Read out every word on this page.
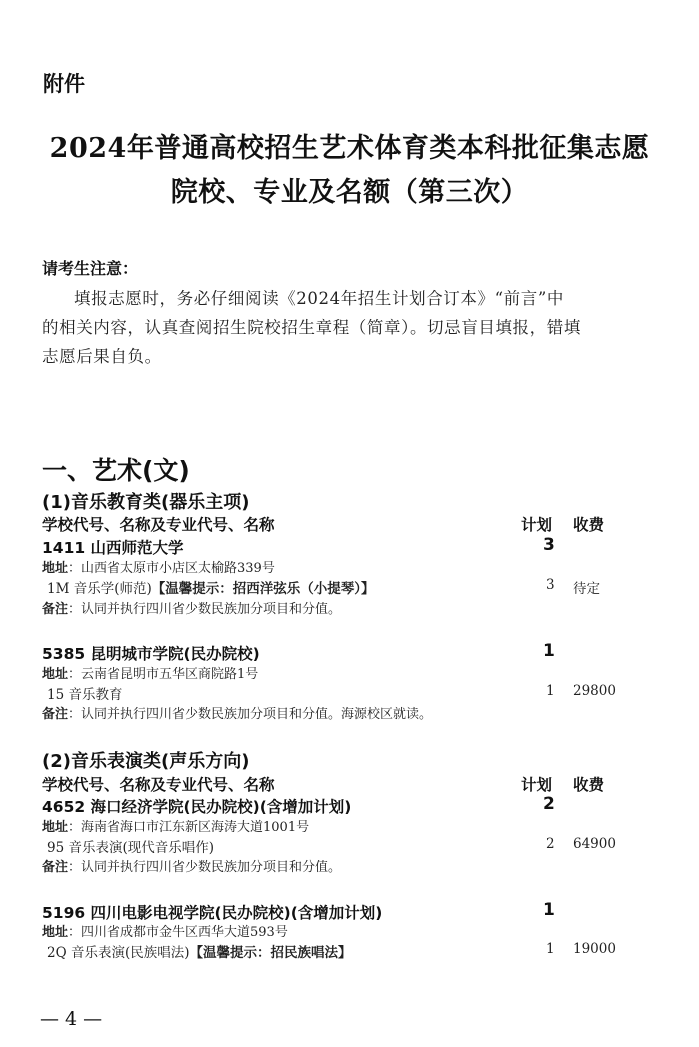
附件
2024年普通高校招生艺术体育类本科批征集志愿
院校、专业及名额（第三次）
请考生注意：
填报志愿时，务必仔细阅读《2024年招生计划合订本》“前言”中
的相关内容，认真查阅招生院校招生章程（简章）。切忌盲目填报，错填
志愿后果自负。
一、艺术(文)
(1)音乐教育类(器乐主项)
学校代号、名称及专业代号、名称	计划 收费
1411 山西师范大学	3
地址：山西省太原市小店区太榆路339号
1M 音乐学(师范)【温馨提示：招西洋弦乐（小提琴）】	3 待定
备注：认同并执行四川省少数民族加分项目和分值。
5385 昆明城市学院(民办院校)	1
地址：云南省昆明市五华区商院路1号
15 音乐教育	1 29800
备注：认同并执行四川省少数民族加分项目和分值。海源校区就读。
(2)音乐表演类(声乐方向)
学校代号、名称及专业代号、名称	计划 收费
4652 海口经济学院(民办院校)(含增加计划)	2
地址：海南省海口市江东新区海涛大道1001号
95 音乐表演(现代音乐唱作)	2 64900
备注：认同并执行四川省少数民族加分项目和分值。
5196 四川电影电视学院(民办院校)(含增加计划)	1
地址：四川省成都市金牛区西华大道593号
2Q 音乐表演(民族唱法)【温馨提示：招民族唱法】	1 19000
— 4 —
